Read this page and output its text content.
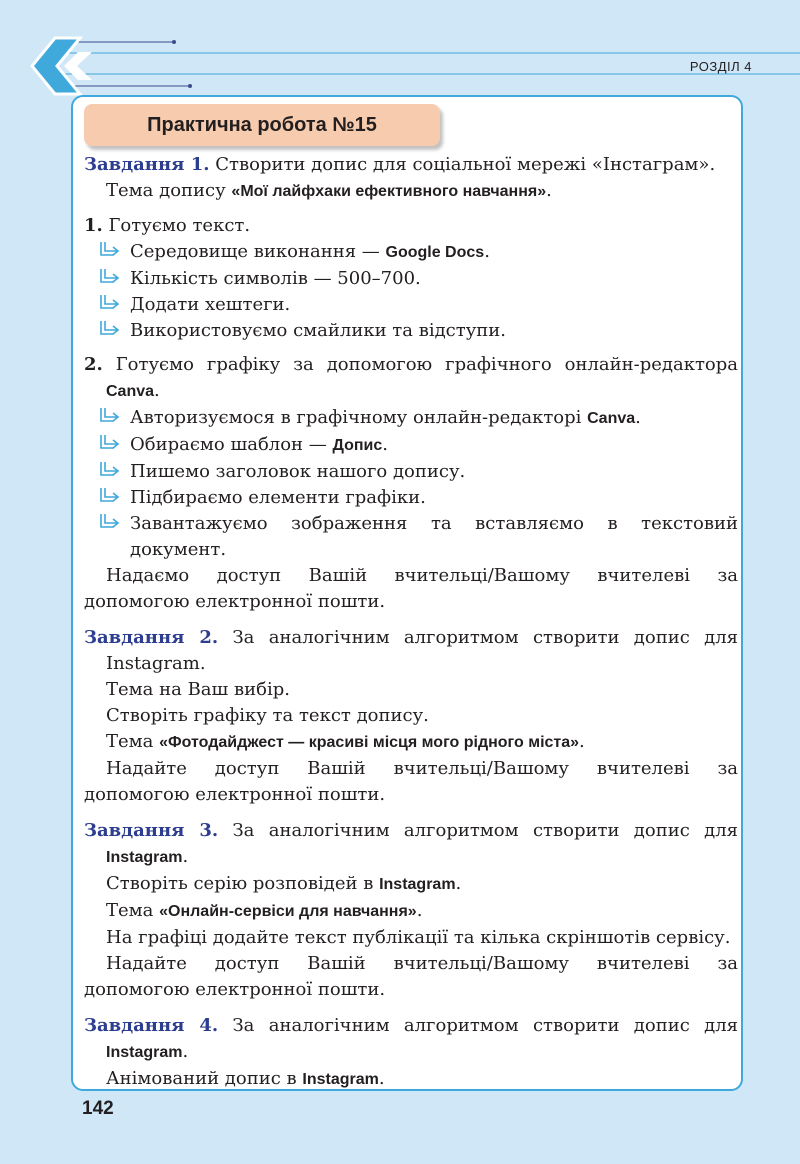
РОЗДІЛ 4
Практична робота №15

Завдання 1. Створити допис для соціальної мережі «Інстаграм».

Тема допису «Мої лайфхаки ефективного навчання».

1. Готуємо текст.

Середовище виконання — Google Docs.

Кількість символів — 500–700.

Додати хештеги.

Використовуємо смайлики та відступи.

2. Готуємо графіку за допомогою графічного онлайн-редактора Canva.

Авторизуємося в графічному онлайн-редакторі Canva.

Обираємо шаблон — Допис.

Пишемо заголовок нашого допису.

Підбираємо елементи графіки.

Завантажуємо зображення та вставляємо в текстовий документ.

Надаємо доступ Вашій вчительці/Вашому вчителеві за допомогою електронної пошти.

Завдання 2. За аналогічним алгоритмом створити допис для Instagram.

Тема на Ваш вибір.

Створіть графіку та текст допису.

Тема «Фотодайджест — красиві місця мого рідного міста».

Надайте доступ Вашій вчительці/Вашому вчителеві за допомогою електронної пошти.

Завдання 3. За аналогічним алгоритмом створити допис для Instagram.

Створіть серію розповідей в Instagram.

Тема «Онлайн-сервіси для навчання».

На графіці додайте текст публікації та кілька скріншотів сервісу.

Надайте доступ Вашій вчительці/Вашому вчителеві за допомогою електронної пошти.

Завдання 4. За аналогічним алгоритмом створити допис для Instagram.

Анімований допис в Instagram.

142
